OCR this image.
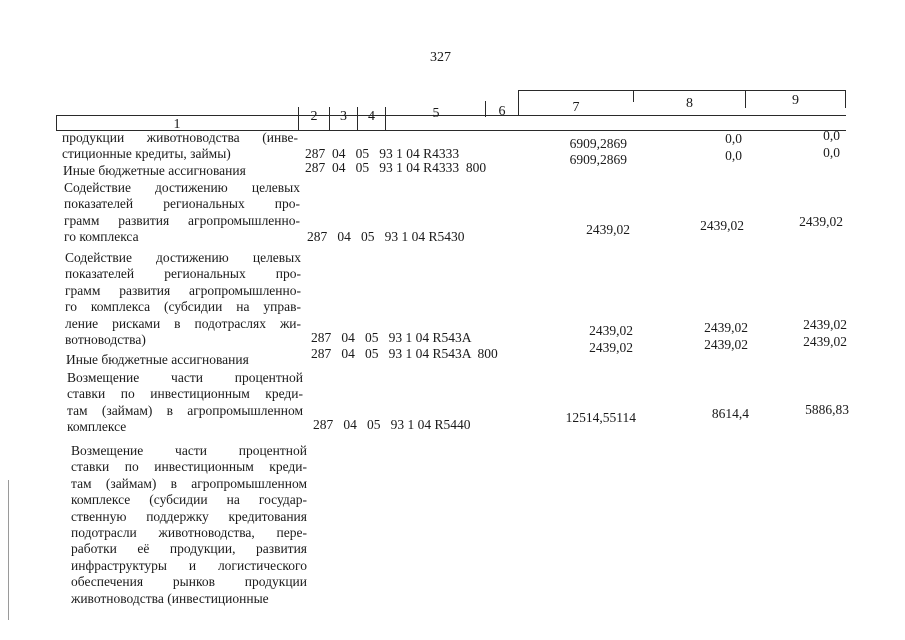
327
1
2	3	4	5	6	7	8	9
продукции животноводства (инве-
стиционные кредиты, займы)	287  04   05   93 1 04 R4333
6909,2869	0,0	0,0
Иные бюджетные ассигнования	287  04   05   93 1 04 R4333  800
6909,2869	0,0	0,0
Содействие достижению целевых
показателей региональных про-
грамм развития агропромышленно-
го комплекса	287   04   05   93 1 04 R5430	2439,02	2439,02	2439,02
Содействие достижению целевых
показателей региональных про-
грамм развития агропромышленно-
го комплекса (субсидии на управ-
ление рисками в подотраслях жи-
вотноводства)	287   04   05   93 1 04 R543A	2439,02	2439,02	2439,02
Иные бюджетные ассигнования	287   04   05   93 1 04 R543A  800	2439,02	2439,02	2439,02
Возмещение части процентной
ставки по инвестиционным креди-
там (займам) в агропромышленном
комплексе	287   04   05   93 1 04 R5440	12514,55114	8614,4	5886,83
Возмещение части процентной
ставки по инвестиционным креди-
там (займам) в агропромышленном
комплексе (субсидии на государ-
ственную поддержку кредитования
подотрасли животноводства, пере-
работки её продукции, развития
инфраструктуры и логистического
обеспечения рынков продукции
животноводства (инвестиционные
